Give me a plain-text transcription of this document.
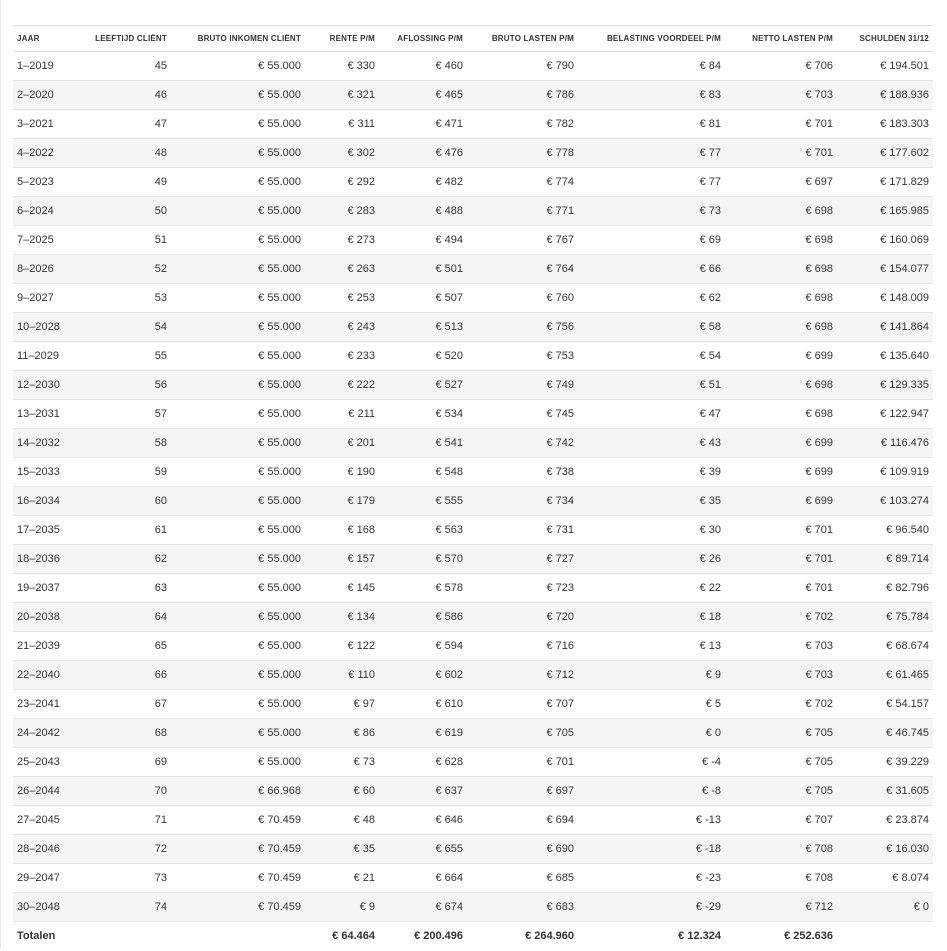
JAAR	LEEFTIJD CLIËNT	BRUTO INKOMEN CLIËNT	RENTE P/M	AFLOSSING P/M	BRUTO LASTEN P/M	BELASTING VOORDEEL P/M	NETTO LASTEN P/M	SCHULDEN 31/12
1–2019	45	€ 55.000	€ 330	€ 460	€ 790	€ 84	€ 706	€ 194.501
2–2020	46	€ 55.000	€ 321	€ 465	€ 786	€ 83	€ 703	€ 188.936
3–2021	47	€ 55.000	€ 311	€ 471	€ 782	€ 81	€ 701	€ 183.303
4–2022	48	€ 55.000	€ 302	€ 476	€ 778	€ 77	€ 701	€ 177.602
5–2023	49	€ 55.000	€ 292	€ 482	€ 774	€ 77	€ 697	€ 171.829
6–2024	50	€ 55.000	€ 283	€ 488	€ 771	€ 73	€ 698	€ 165.985
7–2025	51	€ 55.000	€ 273	€ 494	€ 767	€ 69	€ 698	€ 160.069
8–2026	52	€ 55.000	€ 263	€ 501	€ 764	€ 66	€ 698	€ 154.077
9–2027	53	€ 55.000	€ 253	€ 507	€ 760	€ 62	€ 698	€ 148.009
10–2028	54	€ 55.000	€ 243	€ 513	€ 756	€ 58	€ 698	€ 141.864
11–2029	55	€ 55.000	€ 233	€ 520	€ 753	€ 54	€ 699	€ 135.640
12–2030	56	€ 55.000	€ 222	€ 527	€ 749	€ 51	€ 698	€ 129.335
13–2031	57	€ 55.000	€ 211	€ 534	€ 745	€ 47	€ 698	€ 122.947
14–2032	58	€ 55.000	€ 201	€ 541	€ 742	€ 43	€ 699	€ 116.476
15–2033	59	€ 55.000	€ 190	€ 548	€ 738	€ 39	€ 699	€ 109.919
16–2034	60	€ 55.000	€ 179	€ 555	€ 734	€ 35	€ 699	€ 103.274
17–2035	61	€ 55.000	€ 168	€ 563	€ 731	€ 30	€ 701	€ 96.540
18–2036	62	€ 55.000	€ 157	€ 570	€ 727	€ 26	€ 701	€ 89.714
19–2037	63	€ 55.000	€ 145	€ 578	€ 723	€ 22	€ 701	€ 82.796
20–2038	64	€ 55.000	€ 134	€ 586	€ 720	€ 18	€ 702	€ 75.784
21–2039	65	€ 55.000	€ 122	€ 594	€ 716	€ 13	€ 703	€ 68.674
22–2040	66	€ 55.000	€ 110	€ 602	€ 712	€ 9	€ 703	€ 61.465
23–2041	67	€ 55.000	€ 97	€ 610	€ 707	€ 5	€ 702	€ 54.157
24–2042	68	€ 55.000	€ 86	€ 619	€ 705	€ 0	€ 705	€ 46.745
25–2043	69	€ 55.000	€ 73	€ 628	€ 701	€ -4	€ 705	€ 39.229
26–2044	70	€ 66.968	€ 60	€ 637	€ 697	€ -8	€ 705	€ 31.605
27–2045	71	€ 70.459	€ 48	€ 646	€ 694	€ -13	€ 707	€ 23.874
28–2046	72	€ 70.459	€ 35	€ 655	€ 690	€ -18	€ 708	€ 16.030
29–2047	73	€ 70.459	€ 21	€ 664	€ 685	€ -23	€ 708	€ 8.074
30–2048	74	€ 70.459	€ 9	€ 674	€ 683	€ -29	€ 712	€ 0
Totalen			€ 64.464	€ 200.496	€ 264.960	€ 12.324	€ 252.636	
